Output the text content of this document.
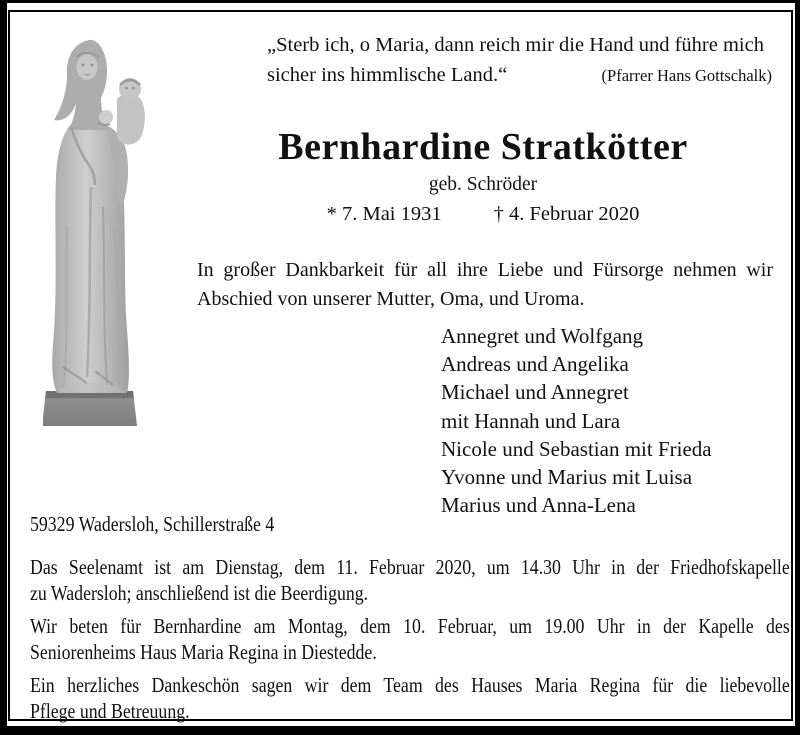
„Sterb ich, o Maria, dann reich mir die Hand und führe mich
sicher ins himmlische Land.“	(Pfarrer Hans Gottschalk)
Bernhardine Stratkötter
geb. Schröder
* 7. Mai 1931	† 4. Februar 2020
In großer Dankbarkeit für all ihre Liebe und Fürsorge nehmen wir
Abschied von unserer Mutter, Oma, und Uroma.
Annegret und Wolfgang
Andreas und Angelika
Michael und Annegret
mit Hannah und Lara
Nicole und Sebastian mit Frieda
Yvonne und Marius mit Luisa
Marius und Anna-Lena
59329 Wadersloh, Schillerstraße 4
Das Seelenamt ist am Dienstag, dem 11. Februar 2020, um 14.30 Uhr in der Friedhofskapelle
zu Wadersloh; anschließend ist die Beerdigung.
Wir beten für Bernhardine am Montag, dem 10. Februar, um 19.00 Uhr in der Kapelle des
Seniorenheims Haus Maria Regina in Diestedde.
Ein herzliches Dankeschön sagen wir dem Team des Hauses Maria Regina für die liebevolle
Pflege und Betreuung.
